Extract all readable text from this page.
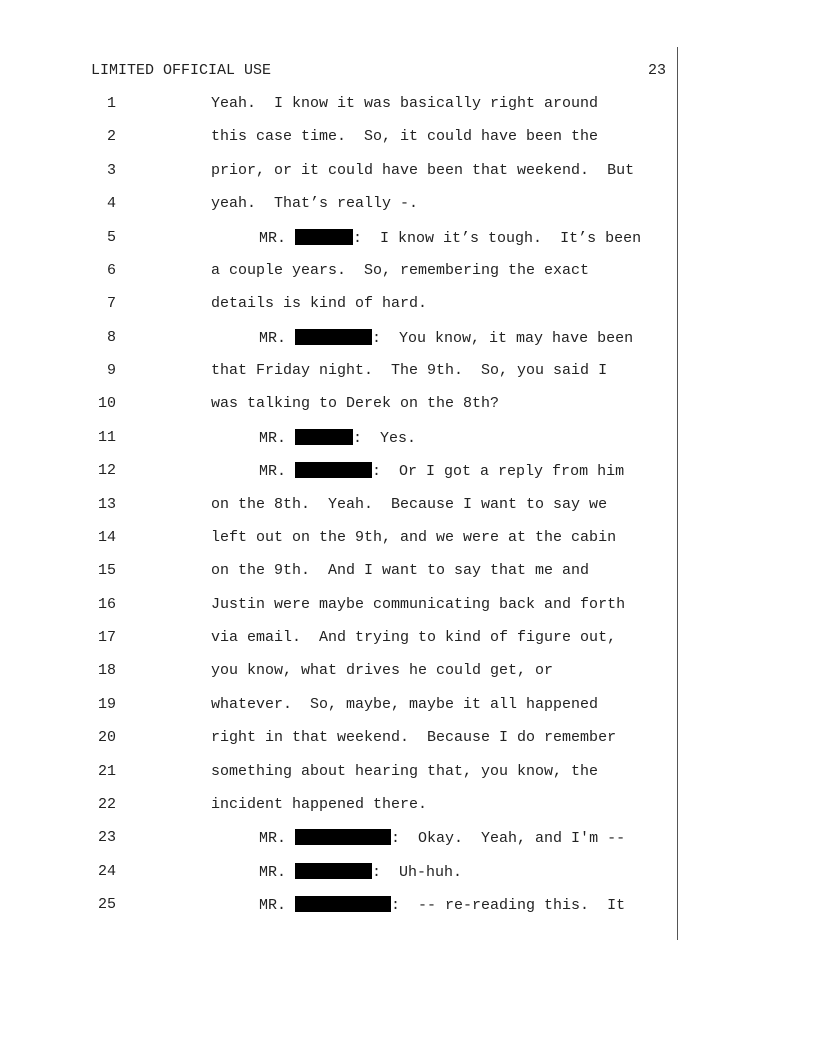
LIMITED OFFICIAL USE	23
1	Yeah.  I know it was basically right around
2	this case time.  So, it could have been the
3	prior, or it could have been that weekend.  But
4	yeah.  That’s really -.
5	MR.	:  I know it’s tough.  It’s been
6	a couple years.  So, remembering the exact
7	details is kind of hard.
8	MR.	:  You know, it may have been
9	that Friday night.  The 9th.  So, you said I
10	was talking to Derek on the 8th?
11	MR.	:  Yes.
12	MR.	:  Or I got a reply from him
13	on the 8th.  Yeah.  Because I want to say we
14	left out on the 9th, and we were at the cabin
15	on the 9th.  And I want to say that me and
16	Justin were maybe communicating back and forth
17	via email.  And trying to kind of figure out,
18	you know, what drives he could get, or
19	whatever.  So, maybe, maybe it all happened
20	right in that weekend.  Because I do remember
21	something about hearing that, you know, the
22	incident happened there.
23	MR.	:  Okay.  Yeah, and I'm --
24	MR.	:  Uh-huh.
25	MR.	:  -- re-reading this.  It
